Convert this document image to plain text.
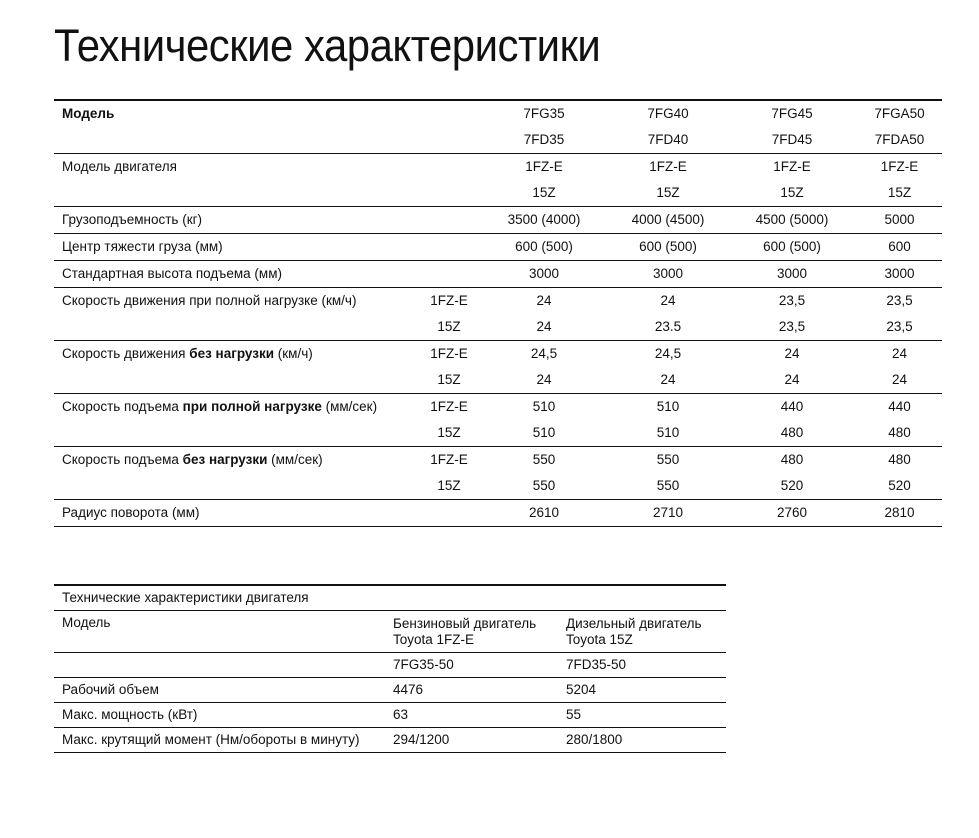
Технические характеристики
Модель		7FG35	7FG40	7FG45	7FGA50
		7FD35	7FD40	7FD45	7FDA50
Модель двигателя		1FZ-E	1FZ-E	1FZ-E	1FZ-E
		15Z	15Z	15Z	15Z
Грузоподъемность (кг)		3500 (4000)	4000 (4500)	4500 (5000)	5000
Центр тяжести груза (мм)		600 (500)	600 (500)	600 (500)	600
Стандартная высота подъема (мм)		3000	3000	3000	3000
Скорость движения при полной нагрузке (км/ч)	1FZ-E	24	24	23,5	23,5
	15Z	24	23.5	23,5	23,5
Скорость движения без нагрузки (км/ч)	1FZ-E	24,5	24,5	24	24
	15Z	24	24	24	24
Скорость подъема при полной нагрузке (мм/сек)	1FZ-E	510	510	440	440
	15Z	510	510	480	480
Скорость подъема без нагрузки (мм/сек)	1FZ-E	550	550	480	480
	15Z	550	550	520	520
Радиус поворота (мм)		2610	2710	2760	2810
Технические характеристики двигателя		
Модель	Бензиновый двигатель Toyota 1FZ-E	Дизельный двигатель Toyota 15Z
	7FG35-50	7FD35-50
Рабочий объем	4476	5204
Макс. мощность (кВт)	63	55
Макс. крутящий момент (Нм/обороты в минуту)	294/1200	280/1800
